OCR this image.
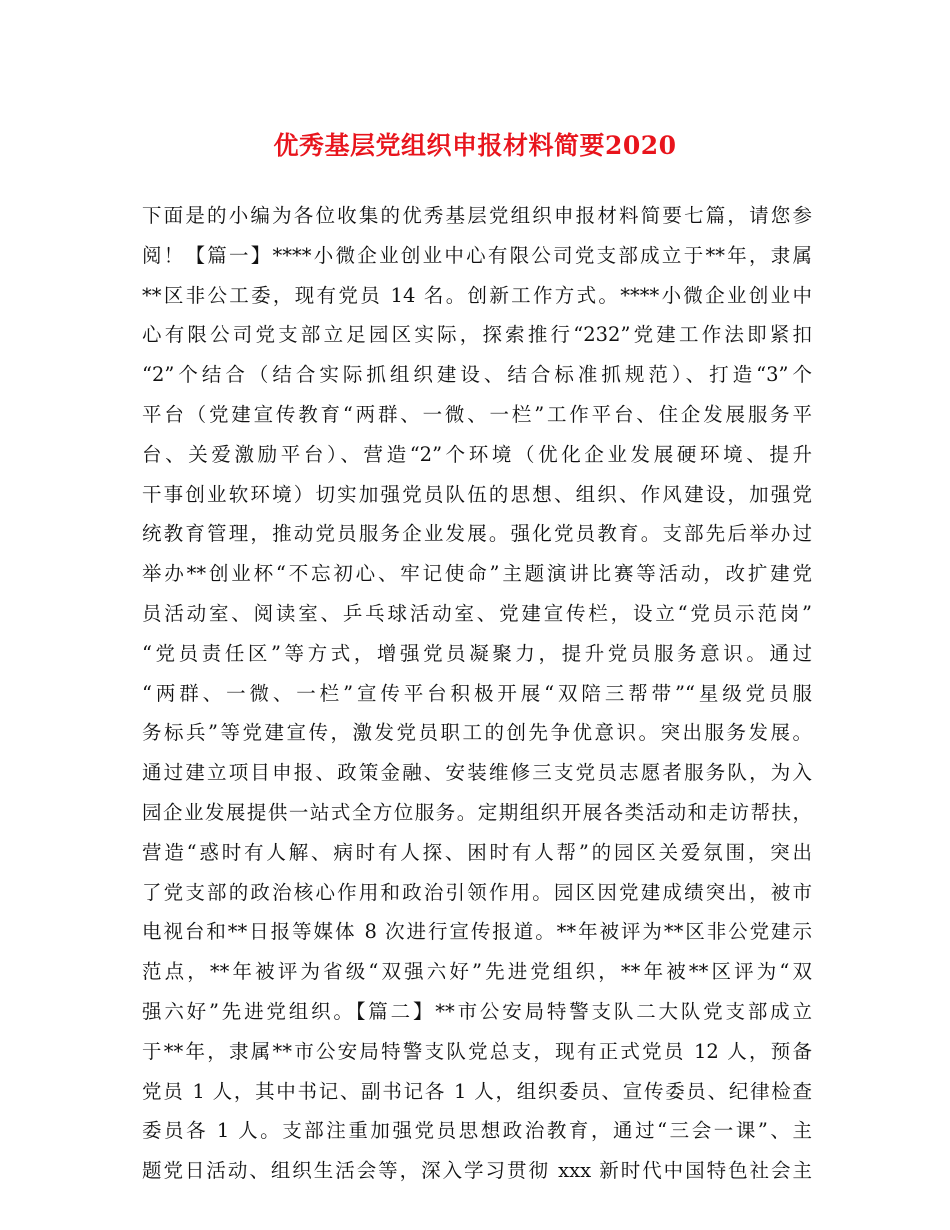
优秀基层党组织申报材料简要2020
下面是的小编为各位收集的优秀基层党组织申报材料简要七篇，请您参
阅！【篇一】****小微企业创业中心有限公司党支部成立于**年，隶属
**区非公工委，现有党员 14 名。创新工作方式。****小微企业创业中
心有限公司党支部立足园区实际，探索推行“232”党建工作法即紧扣
“2”个结合（结合实际抓组织建设、结合标准抓规范）、打造“3”个
平台（党建宣传教育“两群、一微、一栏”工作平台、住企发展服务平
台、关爱激励平台）、营造“2”个环境（优化企业发展硬环境、提升
干事创业软环境）切实加强党员队伍的思想、组织、作风建设，加强党
统教育管理，推动党员服务企业发展。强化党员教育。支部先后举办过
举办**创业杯“不忘初心、牢记使命”主题演讲比赛等活动，改扩建党
员活动室、阅读室、乒乓球活动室、党建宣传栏，设立“党员示范岗”
“党员责任区”等方式，增强党员凝聚力，提升党员服务意识。通过
“两群、一微、一栏”宣传平台积极开展“双陪三帮带”“星级党员服
务标兵”等党建宣传，激发党员职工的创先争优意识。突出服务发展。
通过建立项目申报、政策金融、安装维修三支党员志愿者服务队，为入
园企业发展提供一站式全方位服务。定期组织开展各类活动和走访帮扶，
营造“惑时有人解、病时有人探、困时有人帮”的园区关爱氛围，突出
了党支部的政治核心作用和政治引领作用。园区因党建成绩突出，被市
电视台和**日报等媒体 8 次进行宣传报道。**年被评为**区非公党建示
范点，**年被评为省级“双强六好”先进党组织，**年被**区评为“双
强六好”先进党组织。【篇二】**市公安局特警支队二大队党支部成立
于**年，隶属**市公安局特警支队党总支，现有正式党员 12 人，预备
党员 1 人，其中书记、副书记各 1 人，组织委员、宣传委员、纪律检查
委员各 1 人。支部注重加强党员思想政治教育，通过“三会一课”、主
题党日活动、组织生活会等，深入学习贯彻 xxx 新时代中国特色社会主
